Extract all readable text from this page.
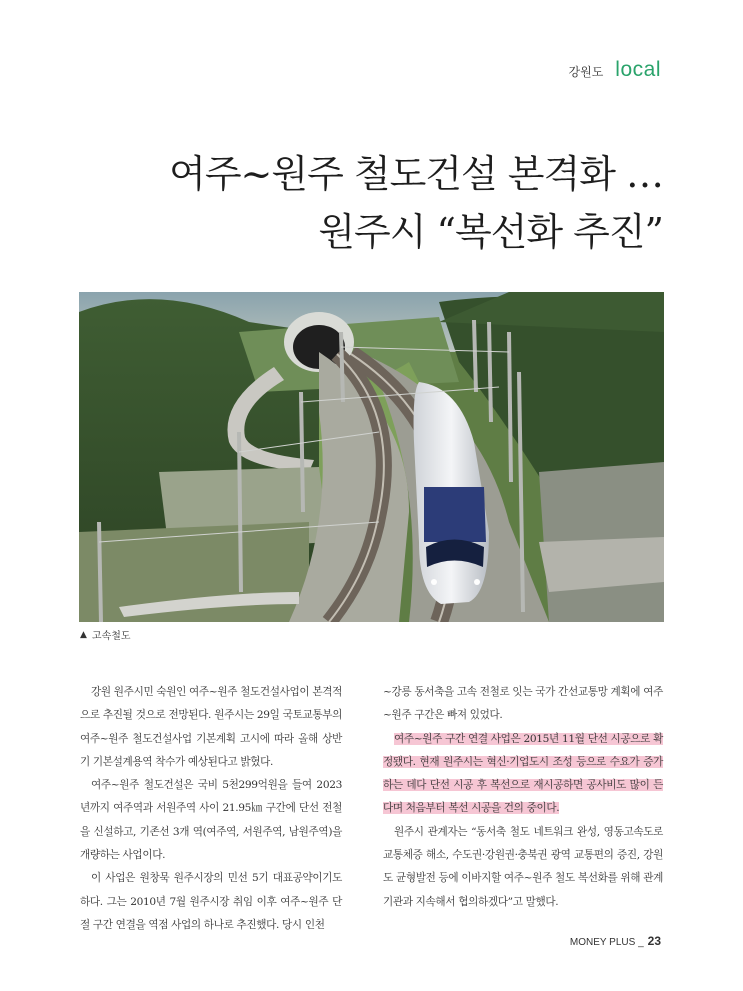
강원도 local
여주~원주 철도건설 본격화 …
원주시 “복선화 추진”
▲ 고속철도

강원 원주시민 숙원인 여주~원주 철도건설사업이 본격적으로 추진될 것으로 전망된다. 원주시는 29일 국토교통부의 여주~원주 철도건설사업 기본계획 고시에 따라 올해 상반기 기본설계용역 착수가 예상된다고 밝혔다.

여주~원주 철도건설은 국비 5천299억원을 들여 2023년까지 여주역과 서원주역 사이 21.95㎞ 구간에 단선 전철을 신설하고, 기존선 3개 역(여주역, 서원주역, 남원주역)을 개량하는 사업이다.

이 사업은 원창묵 원주시장의 민선 5기 대표공약이기도 하다. 그는 2010년 7월 원주시장 취임 이후 여주~원주 단절 구간 연결을 역점 사업의 하나로 추진했다. 당시 인천

~강릉 동서축을 고속 전철로 잇는 국가 간선교통망 계획에 여주~원주 구간은 빠져 있었다.

여주~원주 구간 연결 사업은 2015년 11월 단선 시공으로 확정됐다. 현재 원주시는 혁신·기업도시 조성 등으로 수요가 증가하는 데다 단선 시공 후 복선으로 재시공하면 공사비도 많이 든다며 처음부터 복선 시공을 건의 중이다.

원주시 관계자는 “동서축 철도 네트워크 완성, 영동고속도로 교통체증 해소, 수도권·강원권·충북권 광역 교통편의 증진, 강원도 균형발전 등에 이바지할 여주~원주 철도 복선화를 위해 관계기관과 지속해서 협의하겠다”고 말했다.

MONEY PLUS _ 23
